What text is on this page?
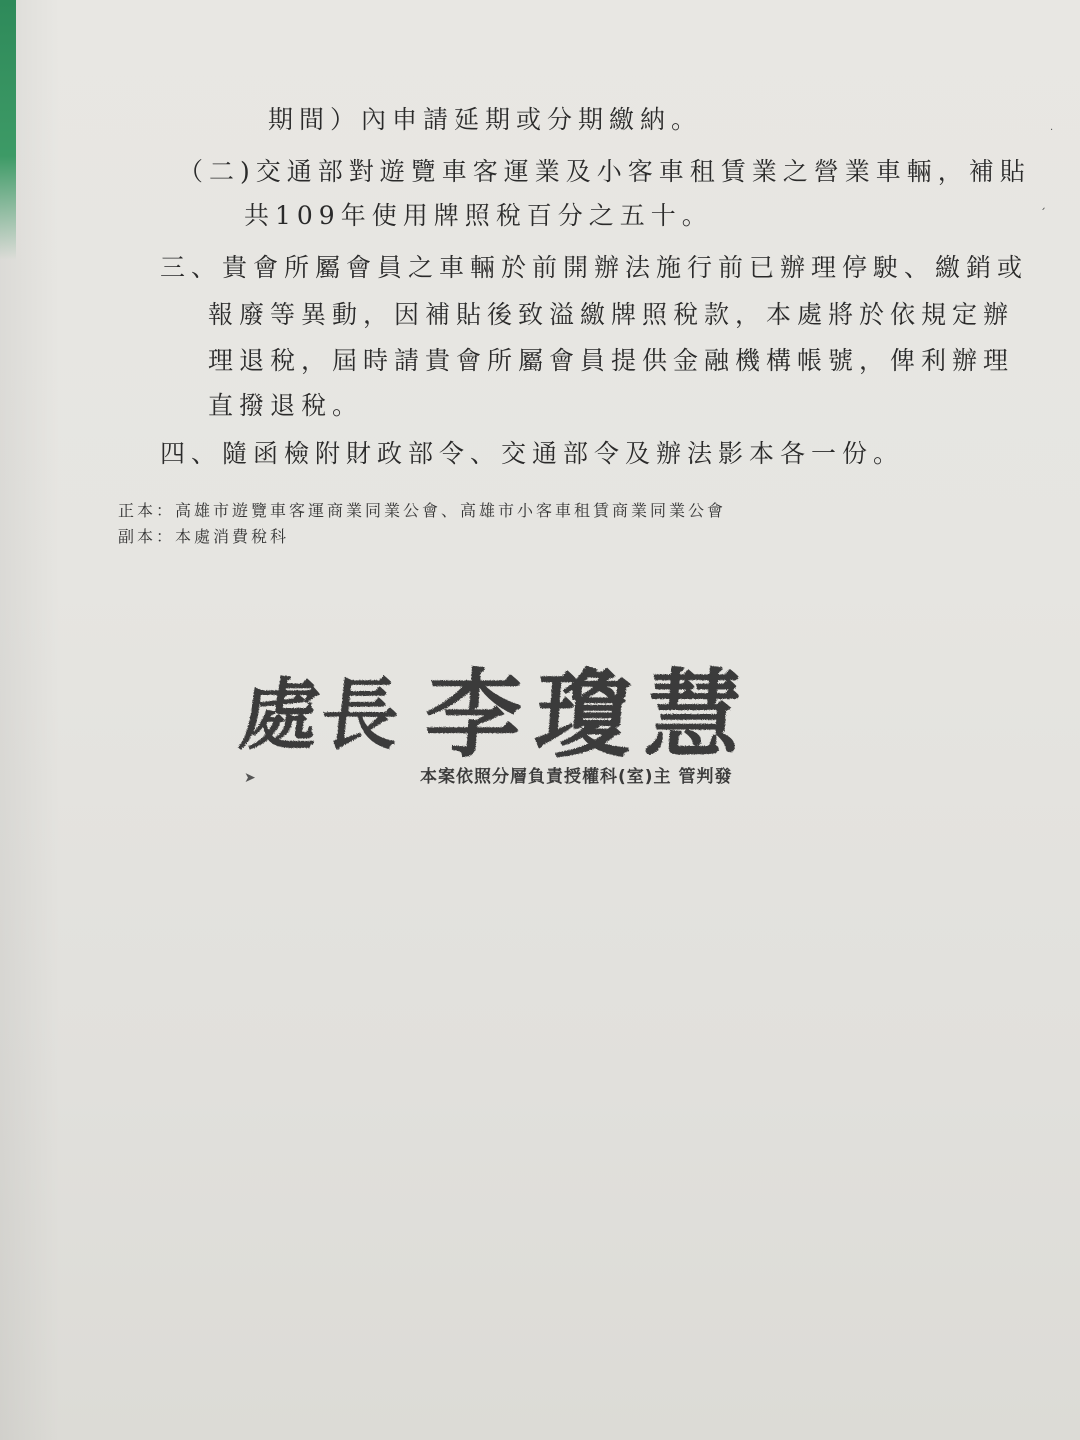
期間）內申請延期或分期繳納。
（二)交通部對遊覽車客運業及小客車租賃業之營業車輛，補貼
共109年使用牌照稅百分之五十。
三、貴會所屬會員之車輛於前開辦法施行前已辦理停駛、繳銷或
報廢等異動，因補貼後致溢繳牌照稅款，本處將於依規定辦
理退稅，屆時請貴會所屬會員提供金融機構帳號，俾利辦理
直撥退稅。
四、隨函檢附財政部令、交通部令及辦法影本各一份。
正本：高雄市遊覽車客運商業同業公會、高雄市小客車租賃商業同業公會
副本：本處消費稅科
處
長 李 瓊 慧
本案依照分層負責授權科(室)主 管判發
➤
ˏ
·
